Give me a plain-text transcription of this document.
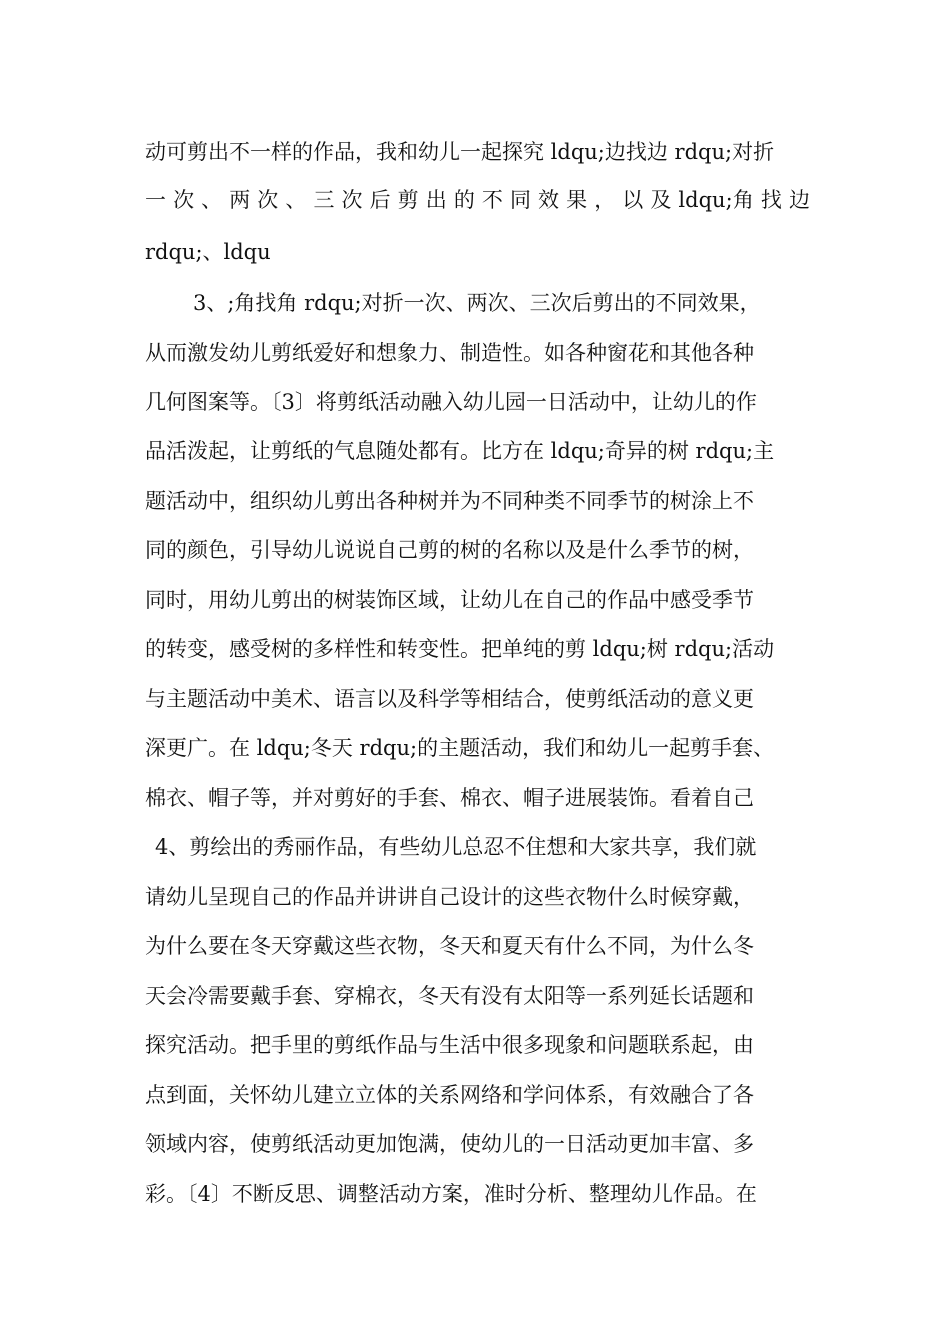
动可剪出不一样的作品，我和幼儿一起探究 ldqu;边找边 rdqu;对折
一 次 、 两 次 、 三 次 后 剪 出 的 不 同 效 果 ， 以 及 ldqu;角 找 边
rdqu;、ldqu
3、;角找角 rdqu;对折一次、两次、三次后剪出的不同效果，
从而激发幼儿剪纸爱好和想象力、制造性。如各种窗花和其他各种
几何图案等。〔3〕将剪纸活动融入幼儿园一日活动中，让幼儿的作
品活泼起，让剪纸的气息随处都有。比方在 ldqu;奇异的树 rdqu;主
题活动中，组织幼儿剪出各种树并为不同种类不同季节的树涂上不
同的颜色，引导幼儿说说自己剪的树的名称以及是什么季节的树，
同时，用幼儿剪出的树装饰区域，让幼儿在自己的作品中感受季节
的转变，感受树的多样性和转变性。把单纯的剪 ldqu;树 rdqu;活动
与主题活动中美术、语言以及科学等相结合，使剪纸活动的意义更
深更广。在 ldqu;冬天 rdqu;的主题活动，我们和幼儿一起剪手套、
棉衣、帽子等，并对剪好的手套、棉衣、帽子进展装饰。看着自己
4、剪绘出的秀丽作品，有些幼儿总忍不住想和大家共享，我们就
请幼儿呈现自己的作品并讲讲自己设计的这些衣物什么时候穿戴，
为什么要在冬天穿戴这些衣物，冬天和夏天有什么不同，为什么冬
天会冷需要戴手套、穿棉衣，冬天有没有太阳等一系列延长话题和
探究活动。把手里的剪纸作品与生活中很多现象和问题联系起，由
点到面，关怀幼儿建立立体的关系网络和学问体系，有效融合了各
领域内容，使剪纸活动更加饱满，使幼儿的一日活动更加丰富、多
彩。〔4〕不断反思、调整活动方案，准时分析、整理幼儿作品。在
